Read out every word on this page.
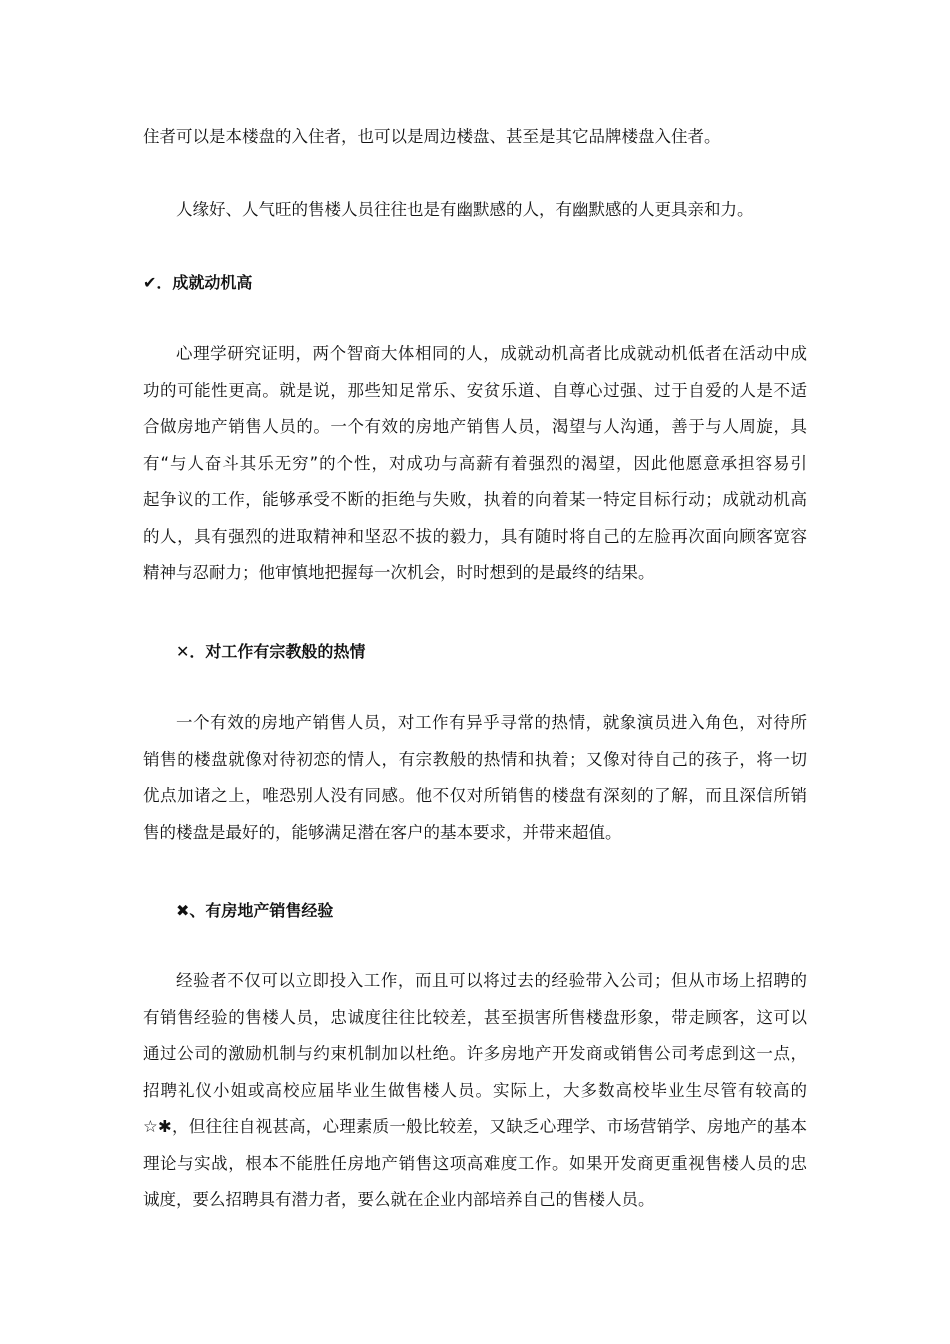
住者可以是本楼盘的入住者，也可以是周边楼盘、甚至是其它品牌楼盘入住者。
人缘好、人气旺的售楼人员往往也是有幽默感的人，有幽默感的人更具亲和力。
✔．成就动机高
心理学研究证明，两个智商大体相同的人，成就动机高者比成就动机低者在活动中成
功的可能性更高。就是说，那些知足常乐、安贫乐道、自尊心过强、过于自爱的人是不适
合做房地产销售人员的。一个有效的房地产销售人员，渴望与人沟通，善于与人周旋，具
有“与人奋斗其乐无穷”的个性，对成功与高薪有着强烈的渴望，因此他愿意承担容易引
起争议的工作，能够承受不断的拒绝与失败，执着的向着某一特定目标行动；成就动机高
的人，具有强烈的进取精神和坚忍不拔的毅力，具有随时将自己的左脸再次面向顾客宽容
精神与忍耐力；他审慎地把握每一次机会，时时想到的是最终的结果。
✕．对工作有宗教般的热情
一个有效的房地产销售人员，对工作有异乎寻常的热情，就象演员进入角色，对待所
销售的楼盘就像对待初恋的情人，有宗教般的热情和执着；又像对待自己的孩子，将一切
优点加诸之上，唯恐别人没有同感。他不仅对所销售的楼盘有深刻的了解，而且深信所销
售的楼盘是最好的，能够满足潜在客户的基本要求，并带来超值。
✖、有房地产销售经验
经验者不仅可以立即投入工作，而且可以将过去的经验带入公司；但从市场上招聘的
有销售经验的售楼人员，忠诚度往往比较差，甚至损害所售楼盘形象，带走顾客，这可以
通过公司的激励机制与约束机制加以杜绝。许多房地产开发商或销售公司考虑到这一点，
招聘礼仪小姐或高校应届毕业生做售楼人员。实际上，大多数高校毕业生尽管有较高的
☆✱，但往往自视甚高，心理素质一般比较差，又缺乏心理学、市场营销学、房地产的基本
理论与实战，根本不能胜任房地产销售这项高难度工作。如果开发商更重视售楼人员的忠
诚度，要么招聘具有潜力者，要么就在企业内部培养自己的售楼人员。
